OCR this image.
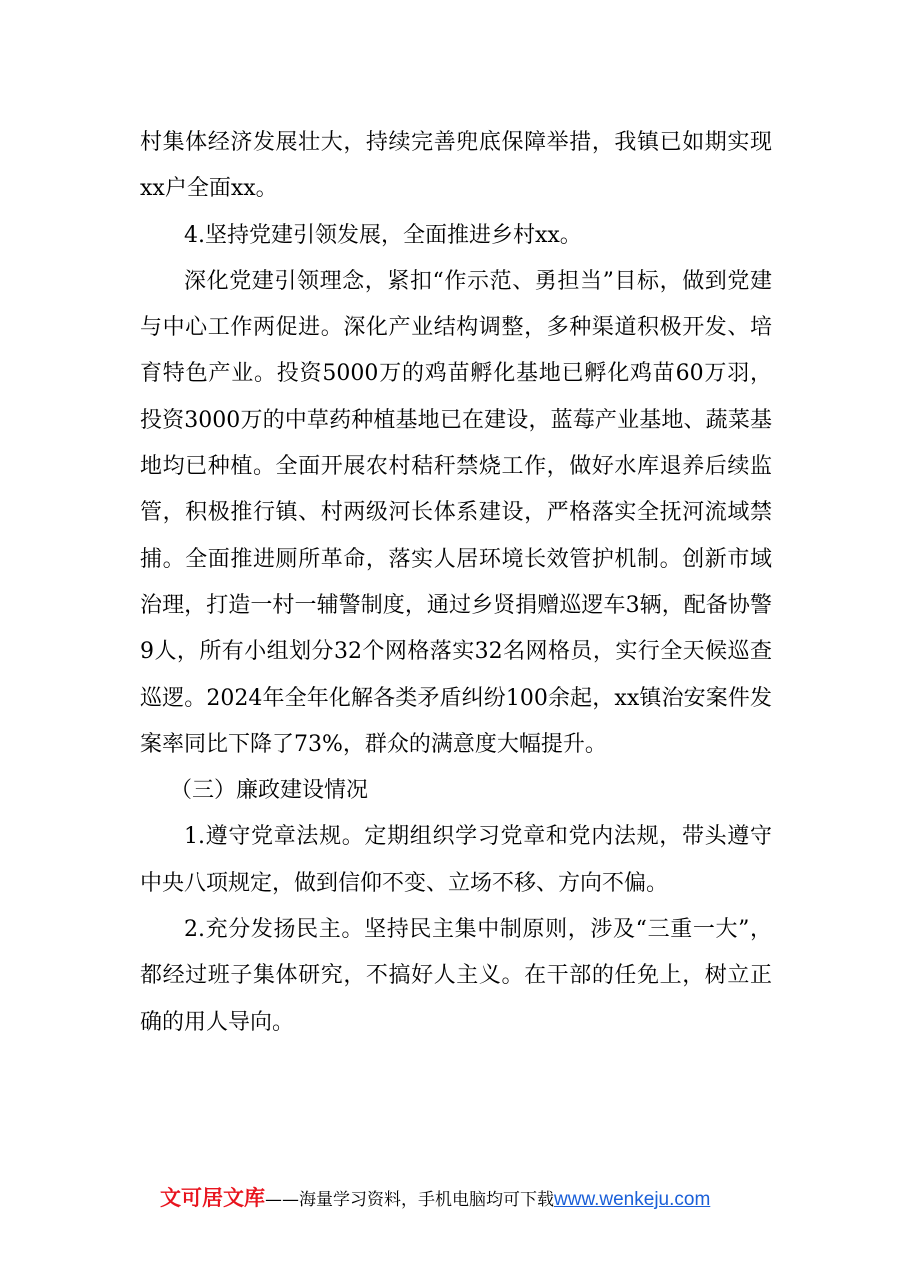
村集体经济发展壮大，持续完善兜底保障举措，我镇已如期实现xx户全面xx。

4.坚持党建引领发展，全面推进乡村xx。

深化党建引领理念，紧扣“作示范、勇担当”目标，做到党建与中心工作两促进。深化产业结构调整，多种渠道积极开发、培育特色产业。投资5000万的鸡苗孵化基地已孵化鸡苗60万羽，投资3000万的中草药种植基地已在建设，蓝莓产业基地、蔬菜基地均已种植。全面开展农村秸秆禁烧工作，做好水库退养后续监管，积极推行镇、村两级河长体系建设，严格落实全抚河流域禁捕。全面推进厕所革命，落实人居环境长效管护机制。创新市域治理，打造一村一辅警制度，通过乡贤捐赠巡逻车3辆，配备协警9人，所有小组划分32个网格落实32名网格员，实行全天候巡查巡逻。2024年全年化解各类矛盾纠纷100余起，xx镇治安案件发案率同比下降了73%，群众的满意度大幅提升。

（三）廉政建设情况

1.遵守党章法规。定期组织学习党章和党内法规，带头遵守中央八项规定，做到信仰不变、立场不移、方向不偏。

2.充分发扬民主。坚持民主集中制原则，涉及“三重一大”，都经过班子集体研究，不搞好人主义。在干部的任免上，树立正确的用人导向。

文可居文库 ——海量学习资料，手机电脑均可下载 www.wenkeju.com
